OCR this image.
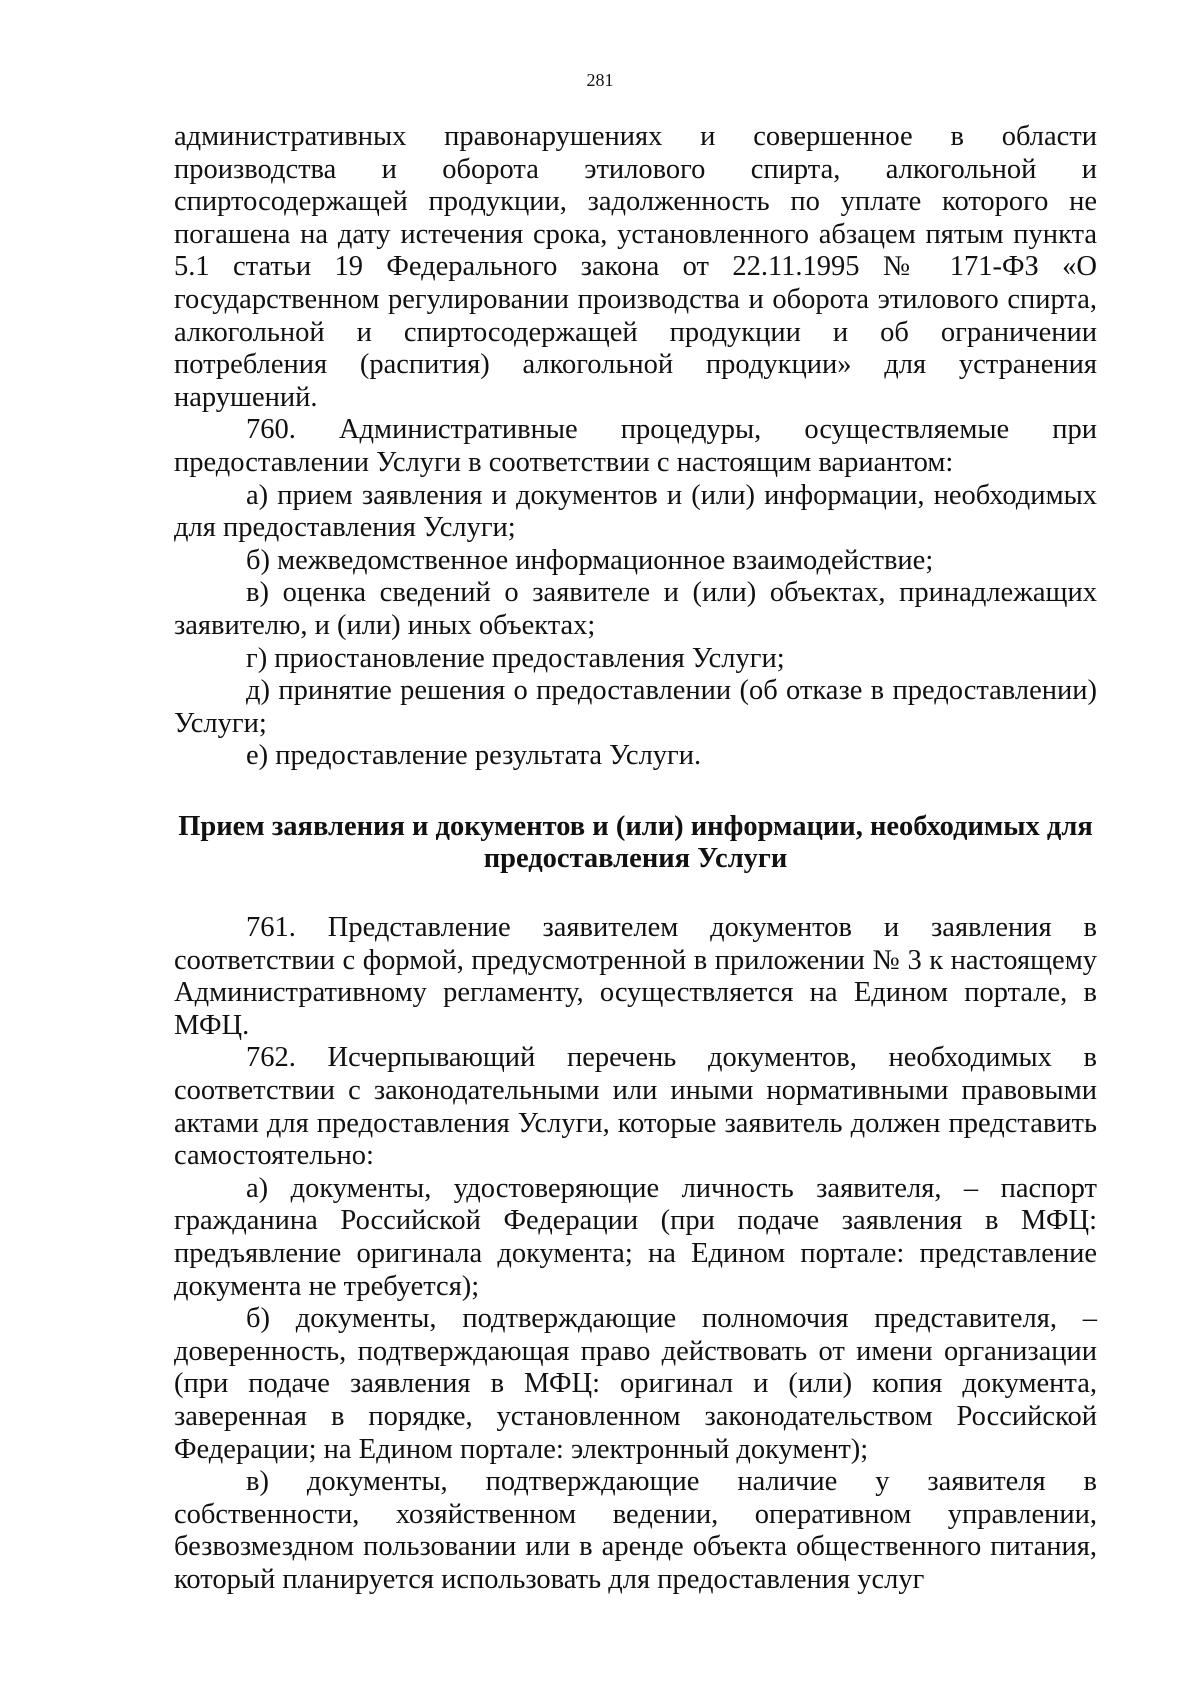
281

административных правонарушениях и совершенное в области производства и оборота этилового спирта, алкогольной и спиртосодержащей продукции, задолженность по уплате которого не погашена на дату истечения срока, установленного абзацем пятым пункта 5.1 статьи 19 Федерального закона от 22.11.1995 № 171-ФЗ «О государственном регулировании производства и оборота этилового спирта, алкогольной и спиртосодержащей продукции и об ограничении потребления (распития) алкогольной продукции» для устранения нарушений.

760. Административные процедуры, осуществляемые при предоставлении Услуги в соответствии с настоящим вариантом:

а) прием заявления и документов и (или) информации, необходимых для предоставления Услуги;

б) межведомственное информационное взаимодействие;

в) оценка сведений о заявителе и (или) объектах, принадлежащих заявителю, и (или) иных объектах;

г) приостановление предоставления Услуги;

д) принятие решения о предоставлении (об отказе в предоставлении) Услуги;

е) предоставление результата Услуги.

Прием заявления и документов и (или) информации, необходимых для предоставления Услуги

761. Представление заявителем документов и заявления в соответствии с формой, предусмотренной в приложении № 3 к настоящему Административному регламенту, осуществляется на Едином портале, в МФЦ.

762. Исчерпывающий перечень документов, необходимых в соответствии с законодательными или иными нормативными правовыми актами для предоставления Услуги, которые заявитель должен представить самостоятельно:

а) документы, удостоверяющие личность заявителя, – паспорт гражданина Российской Федерации (при подаче заявления в МФЦ: предъявление оригинала документа; на Едином портале: представление документа не требуется);

б) документы, подтверждающие полномочия представителя, – доверенность, подтверждающая право действовать от имени организации (при подаче заявления в МФЦ: оригинал и (или) копия документа, заверенная в порядке, установленном законодательством Российской Федерации; на Едином портале: электронный документ);

в) документы, подтверждающие наличие у заявителя в собственности, хозяйственном ведении, оперативном управлении, безвозмездном пользовании или в аренде объекта общественного питания, который планируется использовать для предоставления услуг
